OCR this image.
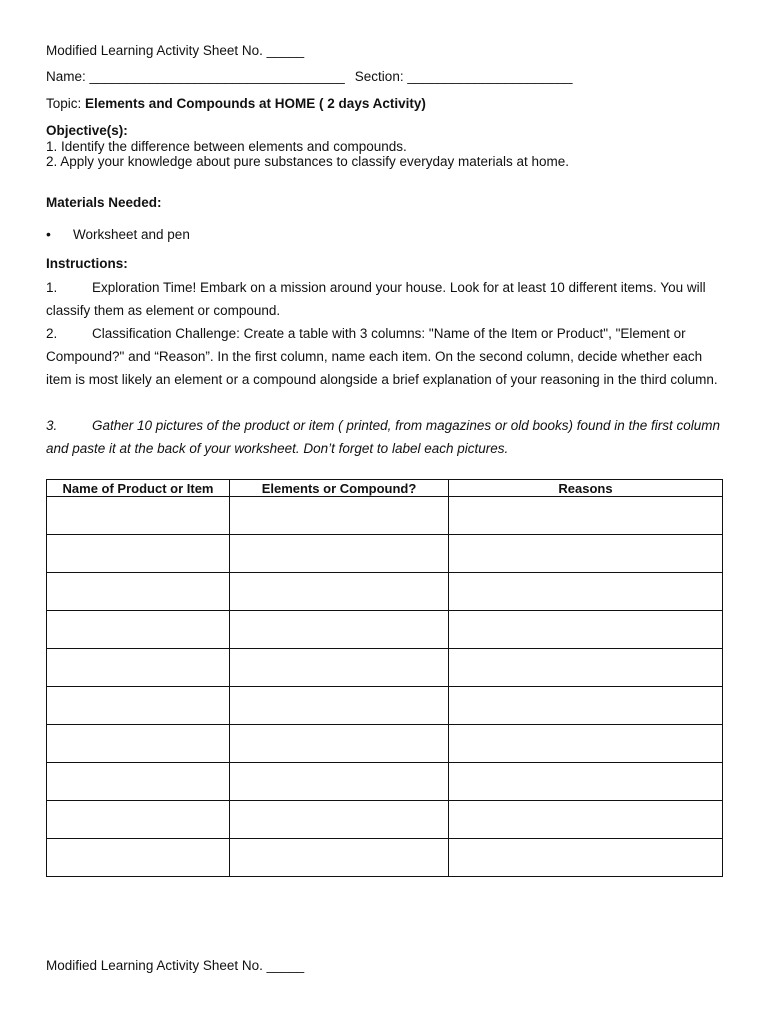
Modified Learning Activity Sheet No. _____
Name: __________________________________ Section: ______________________
Topic: Elements and Compounds at HOME ( 2 days Activity)
Objective(s):
1. Identify the difference between elements and compounds.
2. Apply your knowledge about pure substances to classify everyday materials at home.
Materials Needed:
• Worksheet and pen
Instructions:
1.	Exploration Time! Embark on a mission around your house. Look for at least 10 different items. You will classify them as element or compound.
2.	Classification Challenge: Create a table with 3 columns: "Name of the Item or Product", "Element or Compound?" and “Reason”. In the first column, name each item. On the second column, decide whether each item is most likely an element or a compound alongside a brief explanation of your reasoning in the third column.
3.	Gather 10 pictures of the product or item ( printed, from magazines or old books) found in the first column and paste it at the back of your worksheet. Don’t forget to label each pictures.
Name of Product or Item	Elements or Compound?	Reasons

Modified Learning Activity Sheet No. _____
